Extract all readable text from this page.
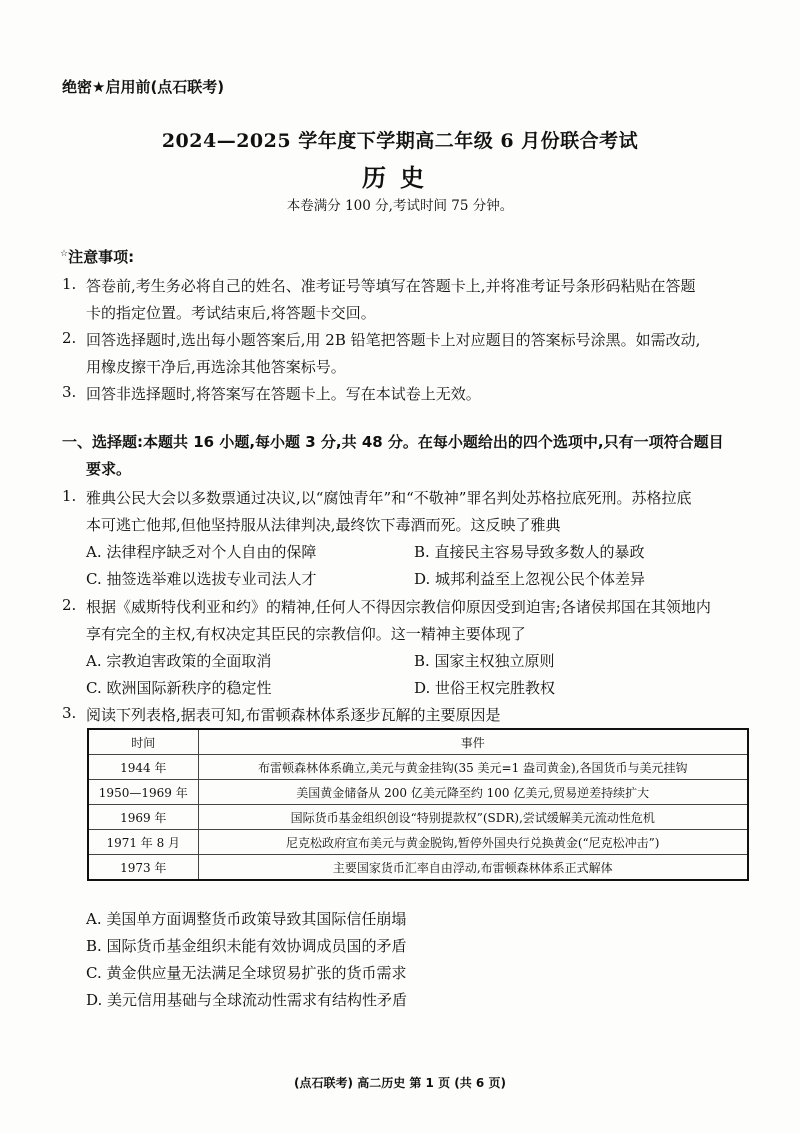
绝密★启用前(点石联考)
2024—2025 学年度下学期高二年级 6 月份联合考试
历史
本卷满分 100 分,考试时间 75 分钟。
☆注意事项:
1. 答卷前,考生务必将自己的姓名、准考证号等填写在答题卡上,并将准考证号条形码粘贴在答题
卡的指定位置。考试结束后,将答题卡交回。
2. 回答选择题时,选出每小题答案后,用 2B 铅笔把答题卡上对应题目的答案标号涂黑。如需改动,
用橡皮擦干净后,再选涂其他答案标号。
3. 回答非选择题时,将答案写在答题卡上。写在本试卷上无效。
一、选择题:本题共 16 小题,每小题 3 分,共 48 分。在每小题给出的四个选项中,只有一项符合题目
要求。
1. 雅典公民大会以多数票通过决议,以“腐蚀青年”和“不敬神”罪名判处苏格拉底死刑。苏格拉底
本可逃亡他邦,但他坚持服从法律判决,最终饮下毒酒而死。这反映了雅典
A. 法律程序缺乏对个人自由的保障	B. 直接民主容易导致多数人的暴政
C. 抽签选举难以选拔专业司法人才	D. 城邦利益至上忽视公民个体差异
2. 根据《威斯特伐利亚和约》的精神,任何人不得因宗教信仰原因受到迫害;各诸侯邦国在其领地内
享有完全的主权,有权决定其臣民的宗教信仰。这一精神主要体现了
A. 宗教迫害政策的全面取消	B. 国家主权独立原则
C. 欧洲国际新秩序的稳定性	D. 世俗王权完胜教权
3. 阅读下列表格,据表可知,布雷顿森林体系逐步瓦解的主要原因是
时间	事件
1944 年	布雷顿森林体系确立,美元与黄金挂钩(35 美元=1 盎司黄金),各国货币与美元挂钩
1950—1969 年	美国黄金储备从 200 亿美元降至约 100 亿美元,贸易逆差持续扩大
1969 年	国际货币基金组织创设“特别提款权”(SDR),尝试缓解美元流动性危机
1971 年 8 月	尼克松政府宣布美元与黄金脱钩,暂停外国央行兑换黄金(“尼克松冲击”)
1973 年	主要国家货币汇率自由浮动,布雷顿森林体系正式解体
A. 美国单方面调整货币政策导致其国际信任崩塌
B. 国际货币基金组织未能有效协调成员国的矛盾
C. 黄金供应量无法满足全球贸易扩张的货币需求
D. 美元信用基础与全球流动性需求有结构性矛盾
(点石联考) 高二历史 第 1 页 (共 6 页)
